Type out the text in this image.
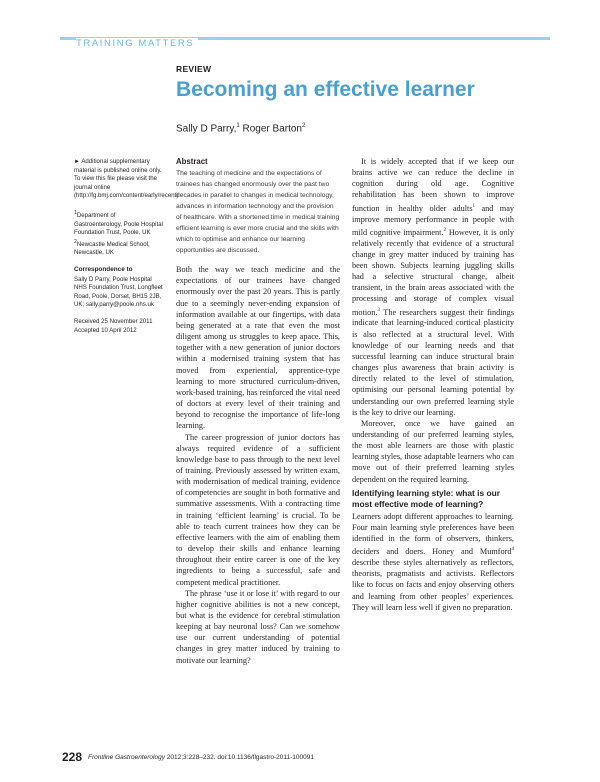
TRAINING MATTERS
REVIEW
Becoming an effective learner
Sally D Parry,$^1$ Roger Barton$^2$

► Additional supplementary material is published online only. To view this file please visit the journal online (http://fg.bmj.com/content/early/recent)

$^1$Department of Gastroenterology, Poole Hospital Foundation Trust, Poole, UK
$^2$Newcastle Medical School, Newcastle, UK

Correspondence to

Sally D Parry, Poole Hospital NHS Foundation Trust, Longfleet Road, Poole, Dorset, BH15 2JB, UK; sally.parry@poole.nhs.uk

Received 25 November 2011
Accepted 10 April 2012

Abstract

The teaching of medicine and the expectations of trainees has changed enormously over the past two decades in parallel to changes in medical technology, advances in information technology and the provision of healthcare. With a shortened time in medical training efficient learning is ever more crucial and the skills with which to optimise and enhance our learning opportunities are discussed.

Both the way we teach medicine and the expectations of our trainees have changed enormously over the past 20 years. This is partly due to a seemingly never-ending expansion of information available at our fingertips, with data being generated at a rate that even the most diligent among us struggles to keep apace. This, together with a new generation of junior doctors within a modernised training system that has moved from experiential, apprentice-type learning to more structured curriculum-driven, work-based training, has reinforced the vital need of doctors at every level of their training and beyond to recognise the importance of life-long learning.

The career progression of junior doctors has always required evidence of a sufficient knowledge base to pass through to the next level of training. Previously assessed by written exam, with modernisation of medical training, evidence of competencies are sought in both formative and summative assessments. With a contracting time in training ‘efficient learning’ is crucial. To be able to teach current trainees how they can be effective learners with the aim of enabling them to develop their skills and enhance learning throughout their entire career is one of the key ingredients to being a successful, safe and competent medical practitioner.

The phrase ‘use it or lose it’ with regard to our higher cognitive abilities is not a new concept, but what is the evidence for cerebral stimulation keeping at bay neuronal loss? Can we somehow use our current understanding of potential changes in grey matter induced by training to motivate our learning?

It is widely accepted that if we keep our brains active we can reduce the decline in cognition during old age. Cognitive rehabilitation has been shown to improve function in healthy older adults$^1$ and may improve memory performance in people with mild cognitive impairment.$^2$ However, it is only relatively recently that evidence of a structural change in grey matter induced by training has been shown. Subjects learning juggling skills had a selective structural change, albeit transient, in the brain areas associated with the processing and storage of complex visual motion.$^3$ The researchers suggest their findings indicate that learning-induced cortical plasticity is also reflected at a structural level. With knowledge of our learning needs and that successful learning can induce structural brain changes plus awareness that brain activity is directly related to the level of stimulation, optimising our personal learning potential by understanding our own preferred learning style is the key to drive our learning.

Moreover, once we have gained an understanding of our preferred learning styles, the most able learners are those with plastic learning styles, those adaptable learners who can move out of their preferred learning styles dependent on the required learning.

Identifying learning style: what is our most effective mode of learning?

Learners adopt different approaches to learning. Four main learning style preferences have been identified in the form of observers, thinkers, deciders and doers. Honey and Mumford$^4$ describe these styles alternatively as reflectors, theorists, pragmatists and activists. Reflectors like to focus on facts and enjoy observing others and learning from other peoples’ experiences. They will learn less well if given no preparation.

228 Frontline Gastroenterology 2012;3:228–232. doi:10.1136/flgastro-2011-100091
